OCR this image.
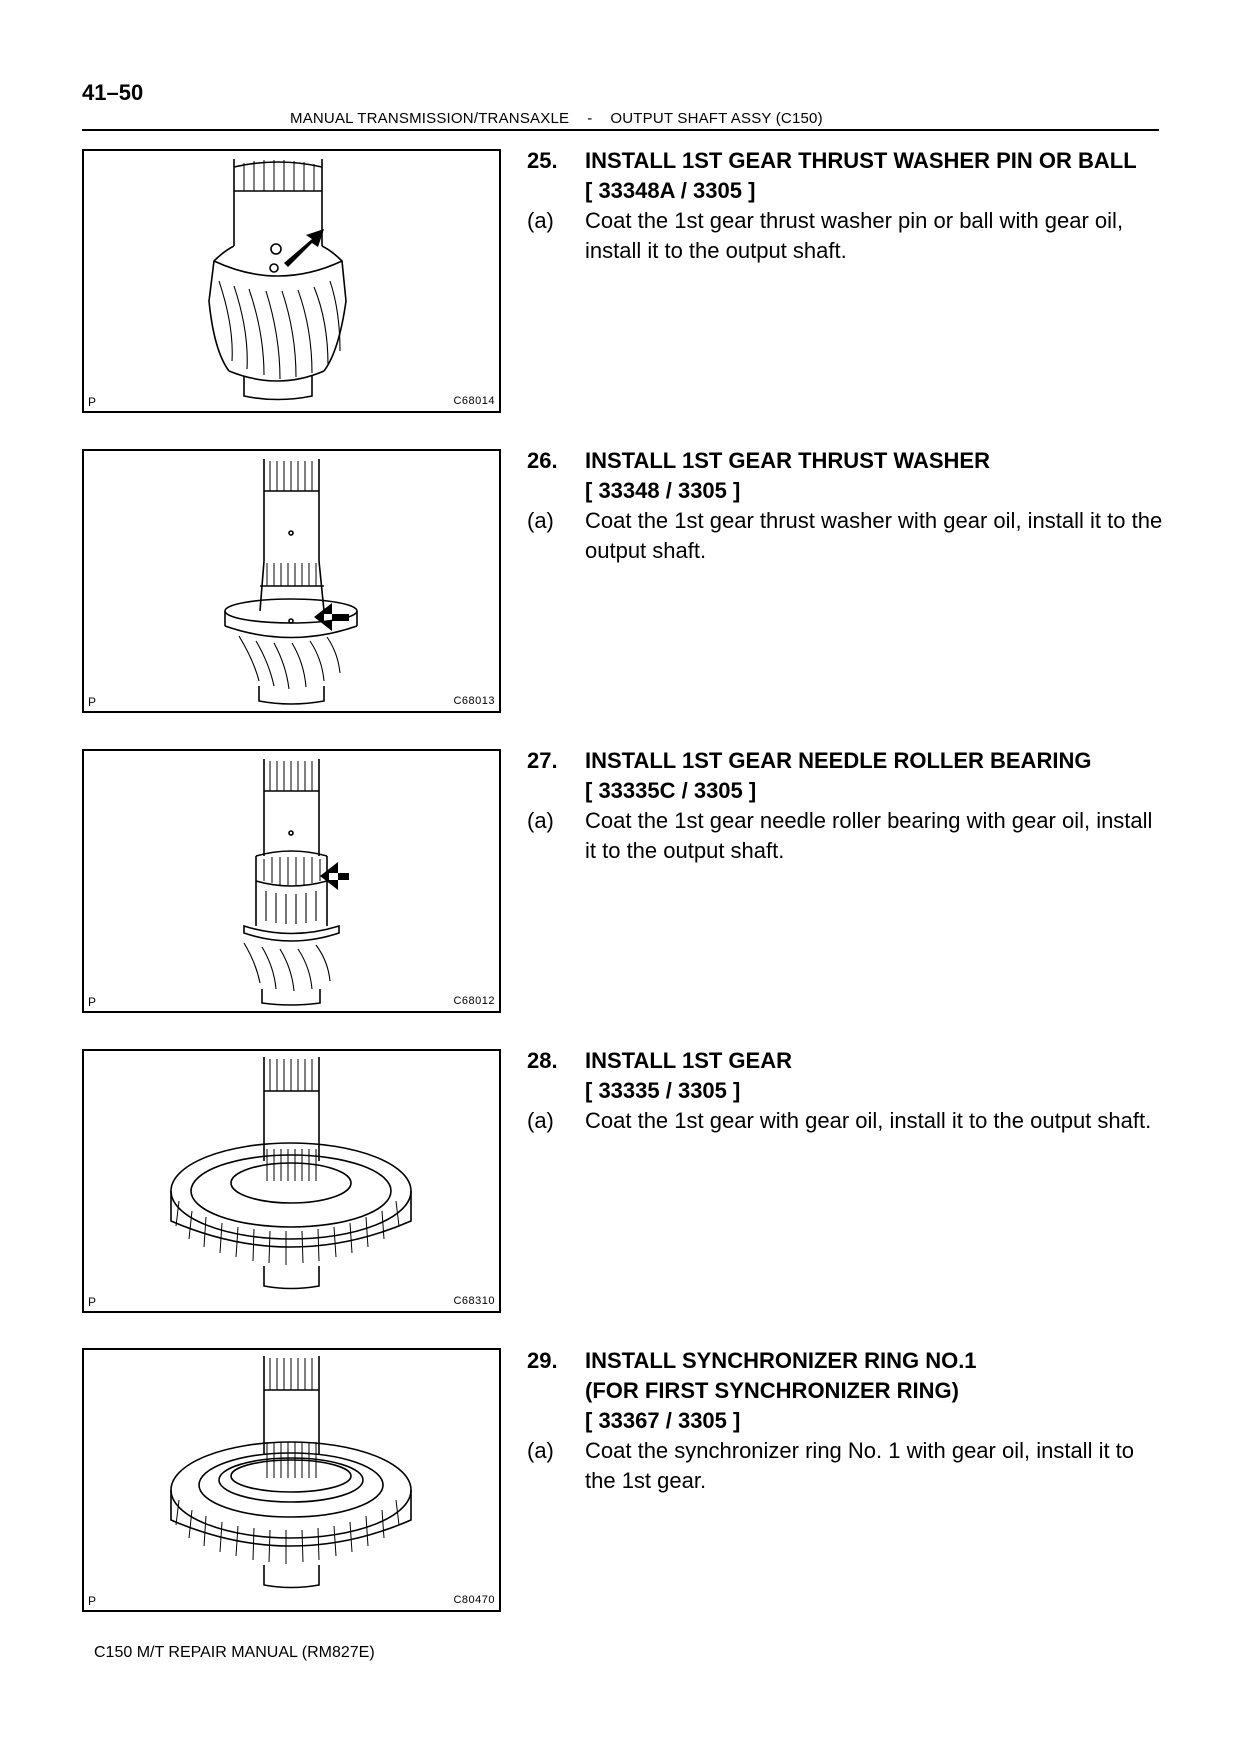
41–50
MANUAL TRANSMISSION/TRANSAXLE - OUTPUT SHAFT ASSY (C150)
P	C68014
P	C68013
P	C68012
P	C68310
P	C80470
25. INSTALL 1ST GEAR THRUST WASHER PIN OR BALL
[ 33348A / 3305 ]
(a) Coat the 1st gear thrust washer pin or ball with gear oil, install it to the output shaft.
26. INSTALL 1ST GEAR THRUST WASHER
[ 33348 / 3305 ]
(a) Coat the 1st gear thrust washer with gear oil, install it to the output shaft.
27. INSTALL 1ST GEAR NEEDLE ROLLER BEARING
[ 33335C / 3305 ]
(a) Coat the 1st gear needle roller bearing with gear oil, install it to the output shaft.
28. INSTALL 1ST GEAR
[ 33335 / 3305 ]
(a) Coat the 1st gear with gear oil, install it to the output shaft.
29. INSTALL SYNCHRONIZER RING NO.1
(FOR FIRST SYNCHRONIZER RING)
[ 33367 / 3305 ]
(a) Coat the synchronizer ring No. 1 with gear oil, install it to the 1st gear.
C150 M/T REPAIR MANUAL (RM827E)
